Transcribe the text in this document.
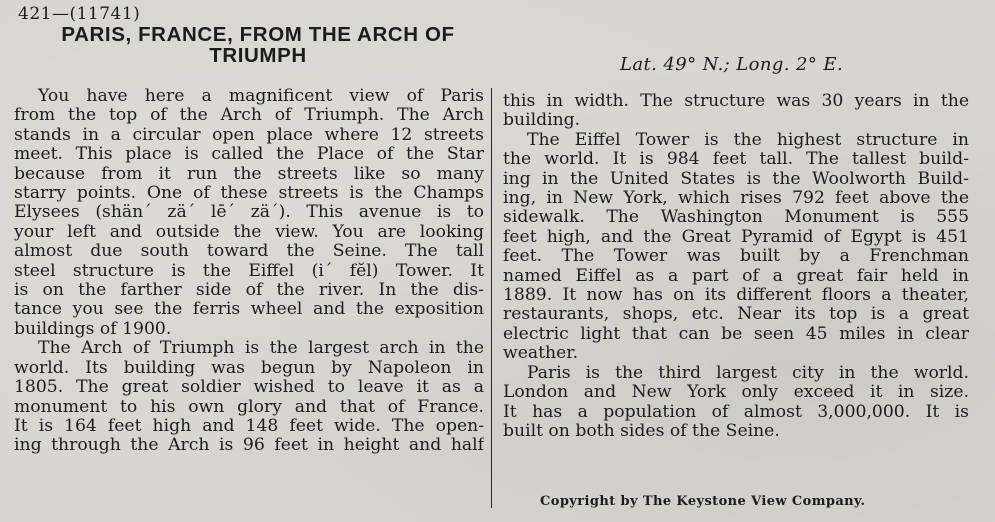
421—(11741)
PARIS, FRANCE, FROM THE ARCH OF
TRIUMPH	Lat. 49° N.; Long. 2° E.
You have here a magnificent view of Paris
from the top of the Arch of Triumph. The Arch
stands in a circular open place where 12 streets
meet. This place is called the Place of the Star
because from it run the streets like so many
starry points. One of these streets is the Champs
Elysees (shän´ zä´ lē´ zä´). This avenue is to
your left and outside the view. You are looking
almost due south toward the Seine. The tall
steel structure is the Eiffel (i´ fĕl) Tower. It
is on the farther side of the river. In the dis-
tance you see the ferris wheel and the exposition
buildings of 1900.
The Arch of Triumph is the largest arch in the
world. Its building was begun by Napoleon in
1805. The great soldier wished to leave it as a
monument to his own glory and that of France.
It is 164 feet high and 148 feet wide. The open-
ing through the Arch is 96 feet in height and half
this in width. The structure was 30 years in the
building.
The Eiffel Tower is the highest structure in
the world. It is 984 feet tall. The tallest build-
ing in the United States is the Woolworth Build-
ing, in New York, which rises 792 feet above the
sidewalk. The Washington Monument is 555
feet high, and the Great Pyramid of Egypt is 451
feet. The Tower was built by a Frenchman
named Eiffel as a part of a great fair held in
1889. It now has on its different floors a theater,
restaurants, shops, etc. Near its top is a great
electric light that can be seen 45 miles in clear
weather.
Paris is the third largest city in the world.
London and New York only exceed it in size.
It has a population of almost 3,000,000. It is
built on both sides of the Seine.
Copyright by The Keystone View Company.
